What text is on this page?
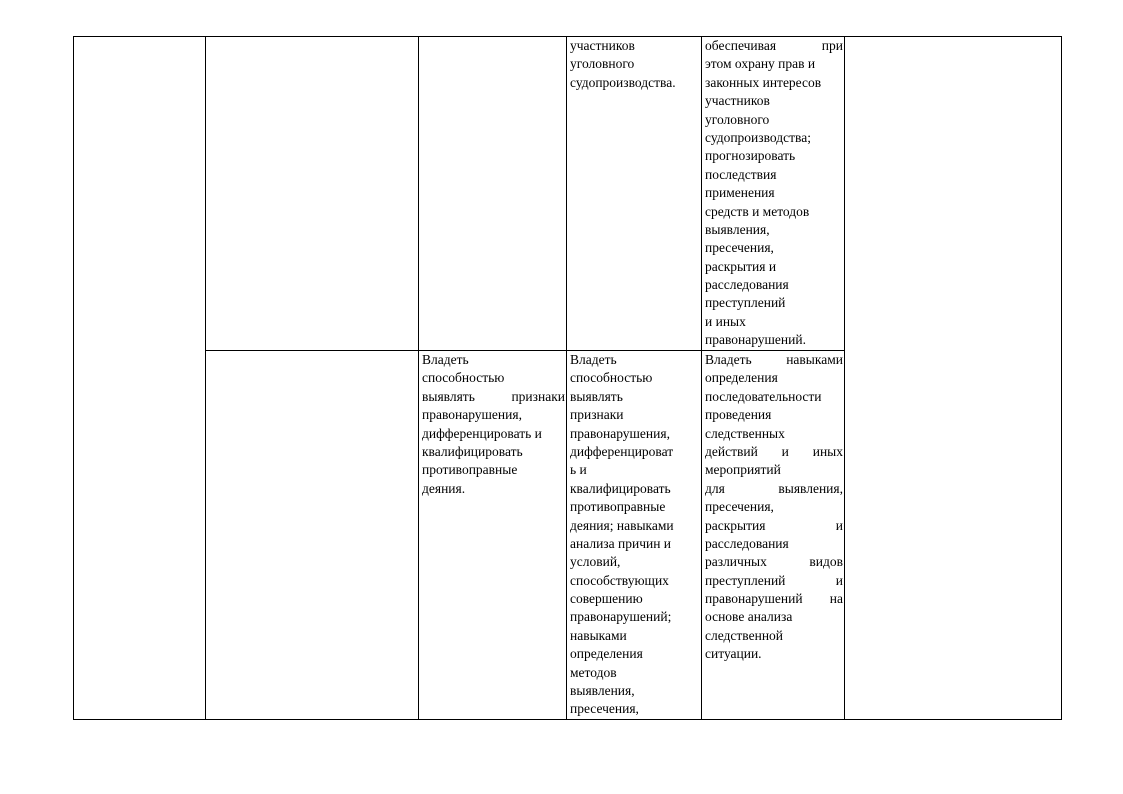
участников
уголовного
судопроизводства.
обеспечивая при
этом охрану прав и
законных интересов
участников
уголовного
судопроизводства;
прогнозировать
последствия
применения
средств и методов
выявления,
пресечения,
раскрытия и
расследования
преступлений
и иных
правонарушений.
Владеть
способностью
выявлять признаки
правонарушения,
дифференцировать и
квалифицировать
противоправные
деяния.
Владеть
способностью
выявлять
признаки
правонарушения,
дифференцироват
ь и
квалифицировать
противоправные
деяния; навыками
анализа причин и
условий,
способствующих
совершению
правонарушений;
навыками
определения
методов
выявления,
пресечения,
Владеть навыками
определения
последовательности
проведения
следственных
действий и иных
мероприятий
для выявления,
пресечения,
раскрытия и
расследования
различных видов
преступлений и
правонарушений на
основе анализа
следственной
ситуации.
